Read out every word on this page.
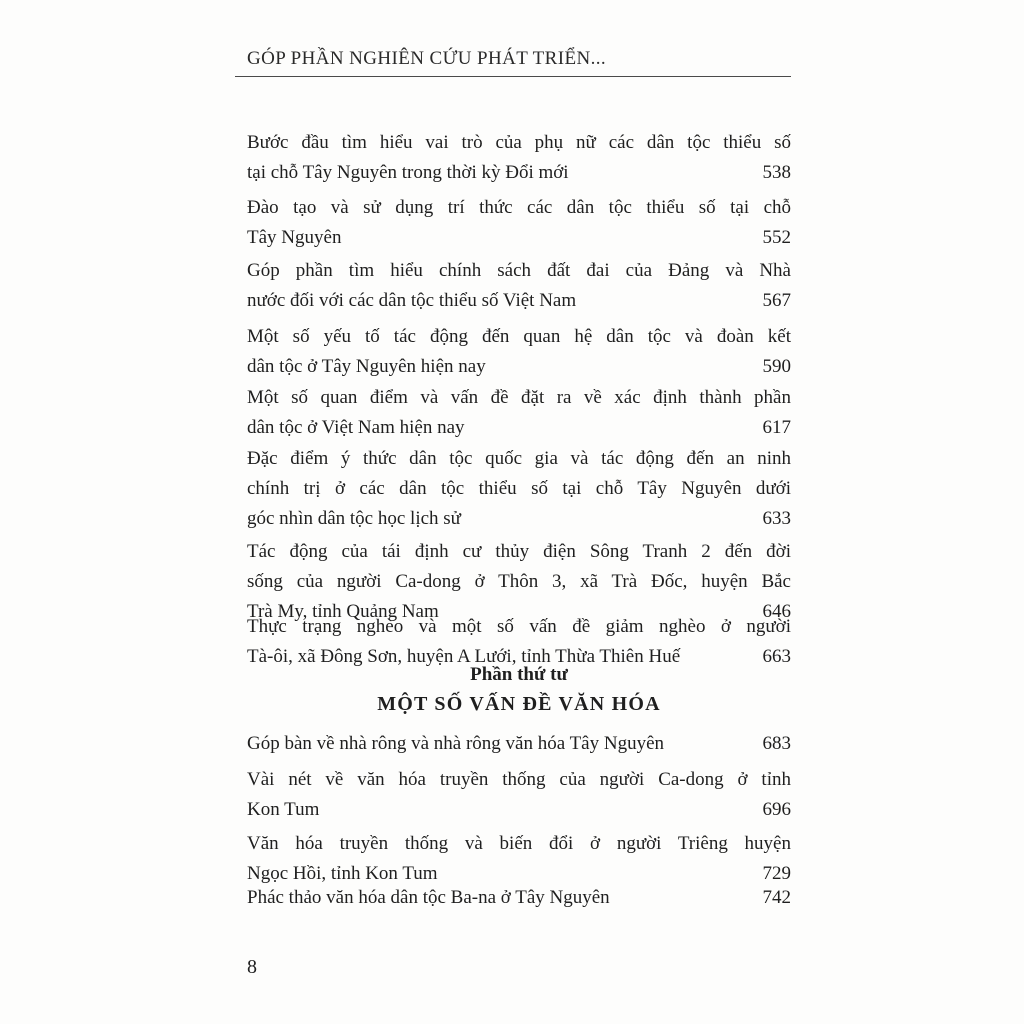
GÓP PHẦN NGHIÊN CỨU PHÁT TRIỂN...
Bước đầu tìm hiểu vai trò của phụ nữ các dân tộc thiểu số
tại chỗ Tây Nguyên trong thời kỳ Đổi mới	538
Đào tạo và sử dụng trí thức các dân tộc thiểu số tại chỗ
Tây Nguyên	552
Góp phần tìm hiểu chính sách đất đai của Đảng và Nhà
nước đối với các dân tộc thiểu số Việt Nam	567
Một số yếu tố tác động đến quan hệ dân tộc và đoàn kết
dân tộc ở Tây Nguyên hiện nay	590
Một số quan điểm và vấn đề đặt ra về xác định thành phần
dân tộc ở Việt Nam hiện nay	617
Đặc điểm ý thức dân tộc quốc gia và tác động đến an ninh
chính trị ở các dân tộc thiểu số tại chỗ Tây Nguyên dưới
góc nhìn dân tộc học lịch sử	633
Tác động của tái định cư thủy điện Sông Tranh 2 đến đời
sống của người Ca-dong ở Thôn 3, xã Trà Đốc, huyện Bắc
Trà My, tỉnh Quảng Nam	646
Thực trạng nghèo và một số vấn đề giảm nghèo ở người
Tà-ôi, xã Đông Sơn, huyện A Lưới, tỉnh Thừa Thiên Huế	663
Phần thứ tư
MỘT SỐ VẤN ĐỀ VĂN HÓA
Góp bàn về nhà rông và nhà rông văn hóa Tây Nguyên	683
Vài nét về văn hóa truyền thống của người Ca-dong ở tỉnh
Kon Tum	696
Văn hóa truyền thống và biến đổi ở người Triêng huyện
Ngọc Hồi, tỉnh Kon Tum	729
Phác thảo văn hóa dân tộc Ba-na ở Tây Nguyên	742
8
